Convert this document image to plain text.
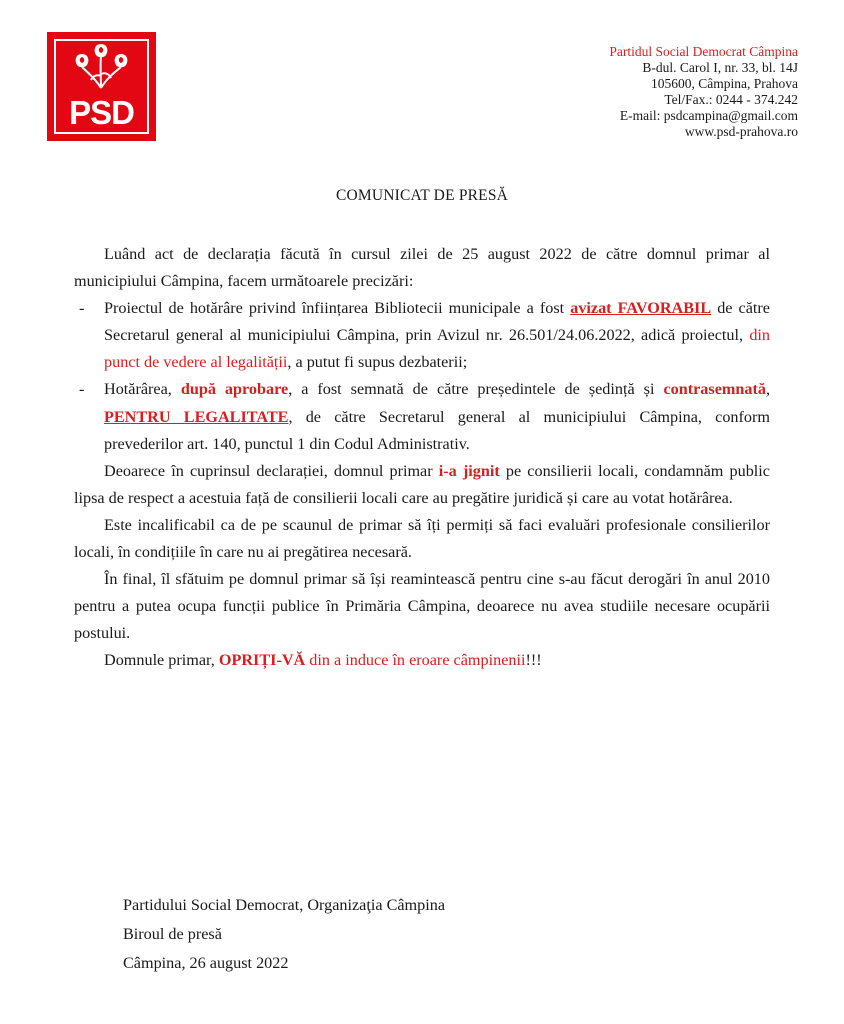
PSD
Partidul Social Democrat Câmpina
B-dul. Carol I, nr. 33, bl. 14J
105600, Câmpina, Prahova
Tel/Fax.: 0244 - 374.242
E-mail: psdcampina@gmail.com
www.psd-prahova.ro
COMUNICAT DE PRESĂ

Luând act de declarația făcută în cursul zilei de 25 august 2022 de către domnul primar al municipiului Câmpina, facem următoarele precizări:

- Proiectul de hotărâre privind înființarea Bibliotecii municipale a fost avizat FAVORABIL de către Secretarul general al municipiului Câmpina, prin Avizul nr. 26.501/24.06.2022, adică proiectul, din punct de vedere al legalității, a putut fi supus dezbaterii;
- Hotărârea, după aprobare, a fost semnată de către președintele de ședință și contrasemnată, PENTRU LEGALITATE, de către Secretarul general al municipiului Câmpina, conform prevederilor art. 140, punctul 1 din Codul Administrativ.

Deoarece în cuprinsul declarației, domnul primar i-a jignit pe consilierii locali, condamnăm public lipsa de respect a acestuia față de consilierii locali care au pregătire juridică și care au votat hotărârea.

Este incalificabil ca de pe scaunul de primar să îți permiți să faci evaluări profesionale consilierilor locali, în condițiile în care nu ai pregătirea necesară.

În final, îl sfătuim pe domnul primar să își reamintească pentru cine s-au făcut derogări în anul 2010 pentru a putea ocupa funcții publice în Primăria Câmpina, deoarece nu avea studiile necesare ocupării postului.

Domnule primar, OPRIȚI-VĂ din a induce în eroare câmpinenii!!!

Partidului Social Democrat, Organizaţia Câmpina
Biroul de presă
Câmpina, 26 august 2022
